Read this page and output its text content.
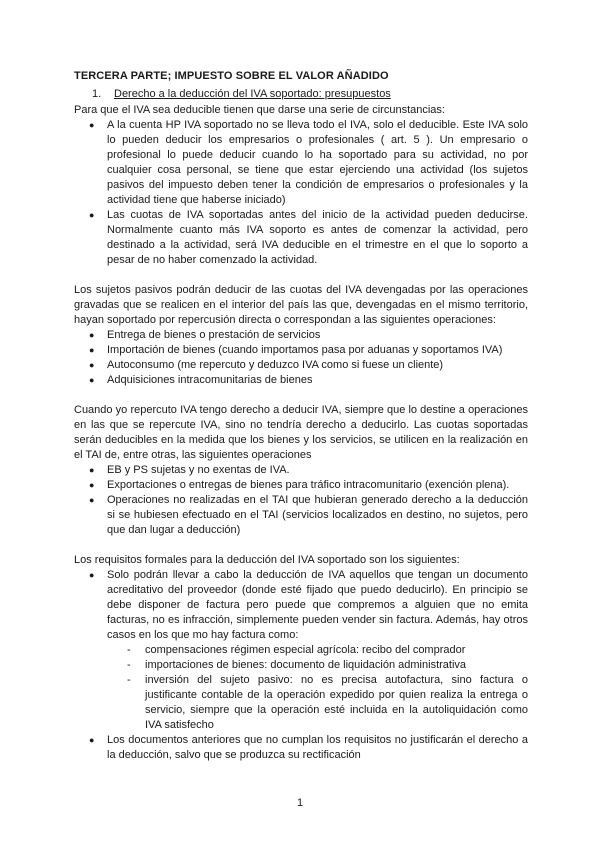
TERCERA PARTE; IMPUESTO SOBRE EL VALOR AÑADIDO
1.	Derecho a la deducción del IVA soportado: presupuestos

Para que el IVA sea deducible tienen que darse una serie de circunstancias:

● A la cuenta HP IVA soportado no se lleva todo el IVA, solo el deducible. Este IVA solo lo pueden deducir los empresarios o profesionales ( art. 5 ). Un empresario o profesional lo puede deducir cuando lo ha soportado para su actividad, no por cualquier cosa personal, se tiene que estar ejerciendo una actividad (los sujetos pasivos del impuesto deben tener la condición de empresarios o profesionales y la actividad tiene que haberse iniciado)
● Las cuotas de IVA soportadas antes del inicio de la actividad pueden deducirse. Normalmente cuanto más IVA soporto es antes de comenzar la actividad, pero destinado a la actividad, será IVA deducible en el trimestre en el que lo soporto a pesar de no haber comenzado la actividad.

Los sujetos pasivos podrán deducir de las cuotas del IVA devengadas por las operaciones gravadas que se realicen en el interior del país las que, devengadas en el mismo territorio, hayan soportado por repercusión directa o correspondan a las siguientes operaciones:

● Entrega de bienes o prestación de servicios
● Importación de bienes (cuando importamos pasa por aduanas y soportamos IVA)
● Autoconsumo (me repercuto y deduzco IVA como si fuese un cliente)
● Adquisiciones intracomunitarias de bienes

Cuando yo repercuto IVA tengo derecho a deducir IVA, siempre que lo destine a operaciones en las que se repercute IVA, sino no tendría derecho a deducirlo. Las cuotas soportadas serán deducibles en la medida que los bienes y los servicios, se utilicen en la realización en el TAI de, entre otras, las siguientes operaciones

● EB y PS sujetas y no exentas de IVA.
● Exportaciones o entregas de bienes para tráfico intracomunitario (exención plena).
● Operaciones no realizadas en el TAI que hubieran generado derecho a la deducción si se hubiesen efectuado en el TAI (servicios localizados en destino, no sujetos, pero que dan lugar a deducción)

Los requisitos formales para la deducción del IVA soportado son los siguientes:

● Solo podrán llevar a cabo la deducción de IVA aquellos que tengan un documento acreditativo del proveedor (donde esté fijado que puedo deducirlo). En principio se debe disponer de factura pero puede que compremos a alguien que no emita facturas, no es infracción, simplemente pueden vender sin factura. Además, hay otros casos en los que mo hay factura como:
- compensaciones régimen especial agrícola: recibo del comprador
- importaciones de bienes: documento de liquidación administrativa
- inversión del sujeto pasivo: no es precisa autofactura, sino factura o justificante contable de la operación expedido por quien realiza la entrega o servicio, siempre que la operación esté incluida en la autoliquidación como IVA satisfecho
● Los documentos anteriores que no cumplan los requisitos no justificarán el derecho a la deducción, salvo que se produzca su rectificación
1
